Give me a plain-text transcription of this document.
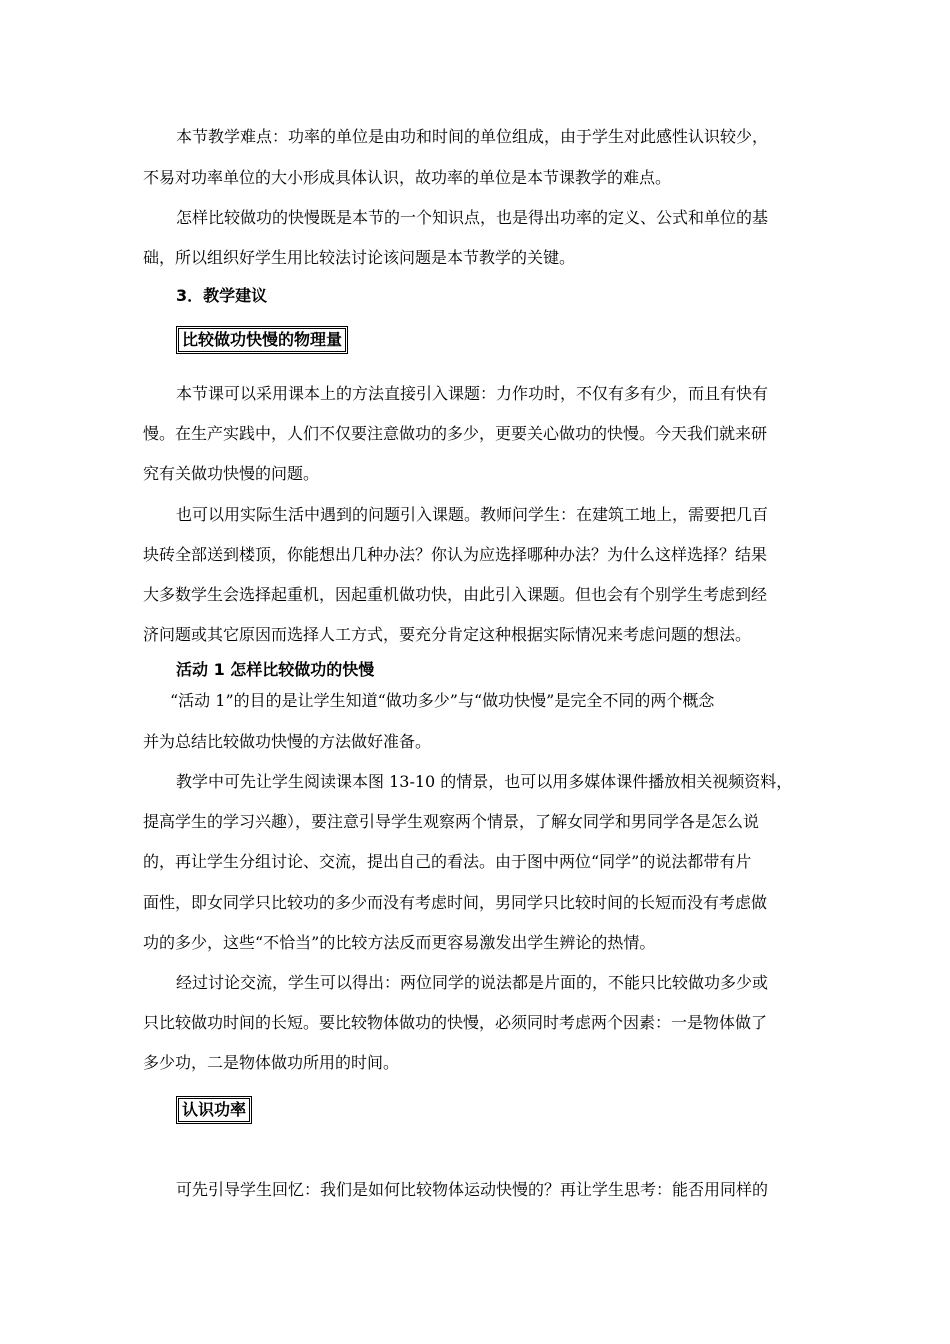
本节教学难点：功率的单位是由功和时间的单位组成，由于学生对此感性认识较少，
不易对功率单位的大小形成具体认识，故功率的单位是本节课教学的难点。
怎样比较做功的快慢既是本节的一个知识点，也是得出功率的定义、公式和单位的基
础，所以组织好学生用比较法讨论该问题是本节教学的关键。
3．教学建议
比较做功快慢的物理量
本节课可以采用课本上的方法直接引入课题：力作功时，不仅有多有少，而且有快有
慢。在生产实践中，人们不仅要注意做功的多少，更要关心做功的快慢。今天我们就来研
究有关做功快慢的问题。
也可以用实际生活中遇到的问题引入课题。教师问学生：在建筑工地上，需要把几百
块砖全部送到楼顶，你能想出几种办法？你认为应选择哪种办法？为什么这样选择？结果
大多数学生会选择起重机，因起重机做功快，由此引入课题。但也会有个别学生考虑到经
济问题或其它原因而选择人工方式，要充分肯定这种根据实际情况来考虑问题的想法。
活动 1 怎样比较做功的快慢
“活动 1”的目的是让学生知道“做功多少”与“做功快慢”是完全不同的两个概念
并为总结比较做功快慢的方法做好准备。
教学中可先让学生阅读课本图 13-10 的情景，也可以用多媒体课件播放相关视频资料，
提高学生的学习兴趣），要注意引导学生观察两个情景，了解女同学和男同学各是怎么说
的，再让学生分组讨论、交流，提出自己的看法。由于图中两位“同学”的说法都带有片
面性，即女同学只比较功的多少而没有考虑时间，男同学只比较时间的长短而没有考虑做
功的多少，这些“不恰当”的比较方法反而更容易激发出学生辨论的热情。
经过讨论交流，学生可以得出：两位同学的说法都是片面的，不能只比较做功多少或
只比较做功时间的长短。要比较物体做功的快慢，必须同时考虑两个因素：一是物体做了
多少功，二是物体做功所用的时间。
认识功率
可先引导学生回忆：我们是如何比较物体运动快慢的？再让学生思考：能否用同样的
